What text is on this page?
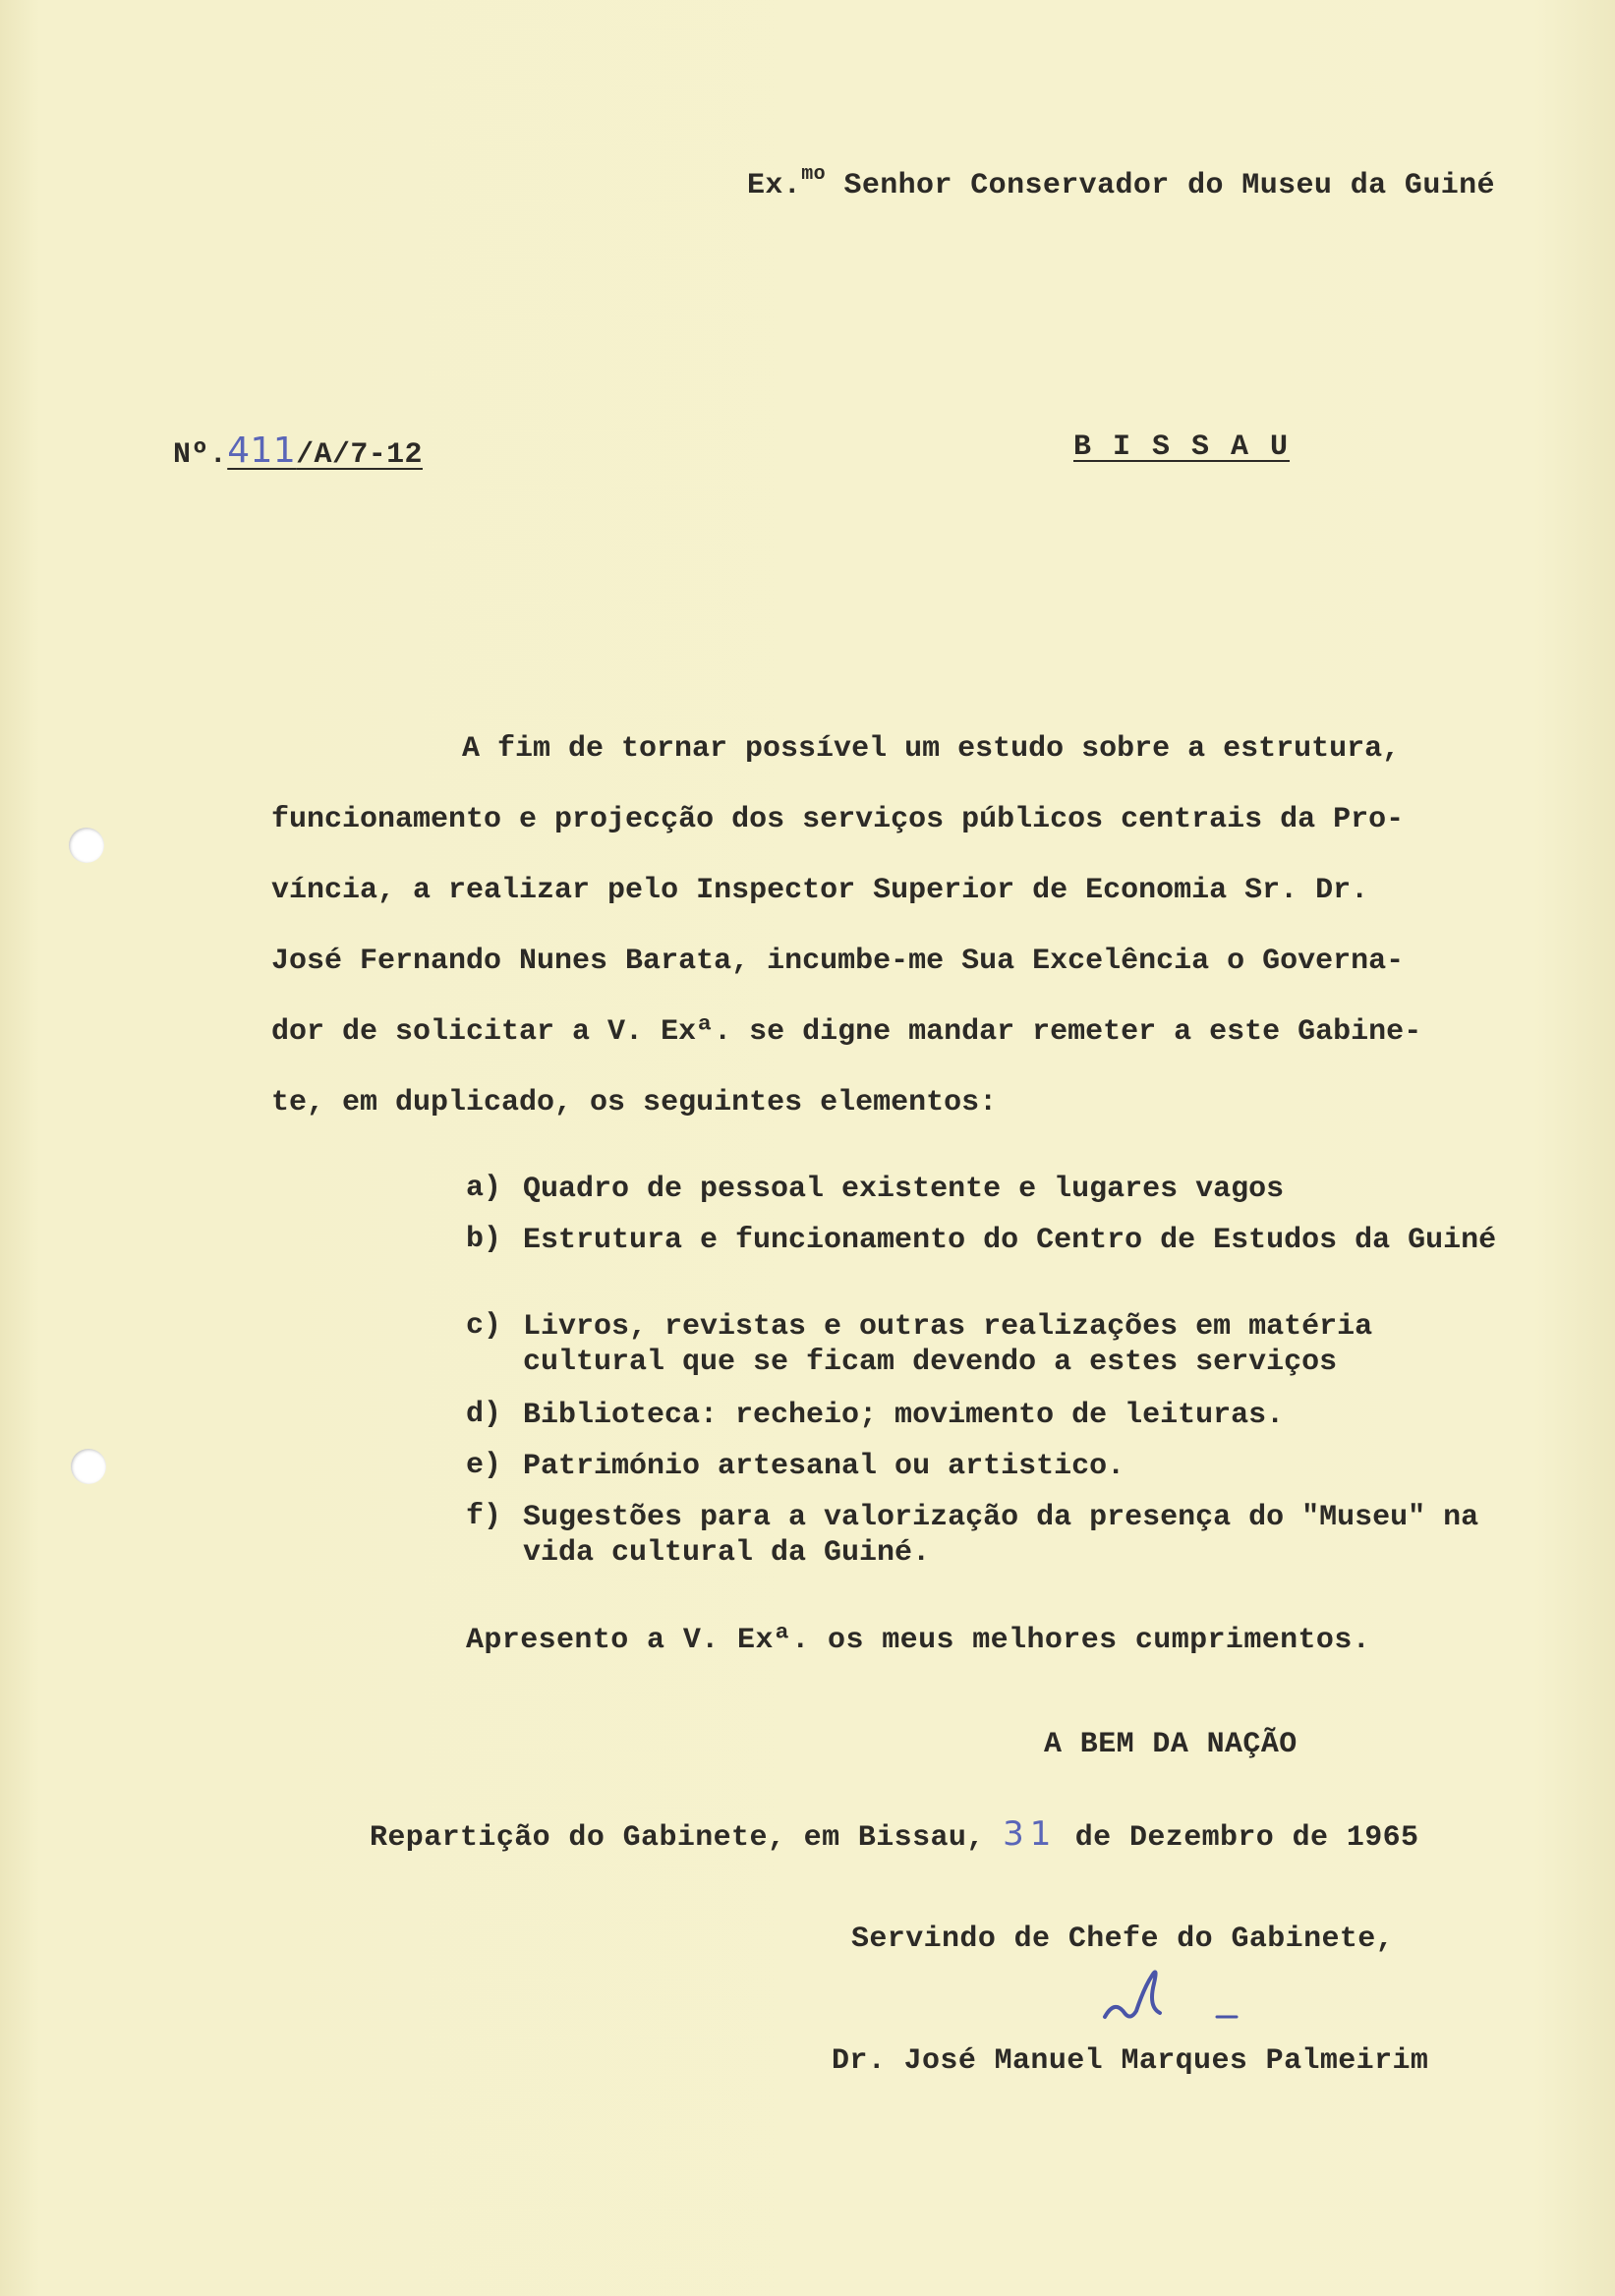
Ex.$^{mo}$ Senhor Conservador do Museu da Guiné
Nº.411/A/7-12	B I S S A U
A fim de tornar possível um estudo sobre a estrutura,
funcionamento e projecção dos serviços públicos centrais da Pro-
víncia, a realizar pelo Inspector Superior de Economia Sr. Dr.
José Fernando Nunes Barata, incumbe-me Sua Excelência o Governa-
dor de solicitar a V. Exª. se digne mandar remeter a este Gabine-
te, em duplicado, os seguintes elementos:
a) Quadro de pessoal existente e lugares vagos
b) Estrutura e funcionamento do Centro de Estudos da Guiné
c) Livros, revistas e outras realizações em matéria cultural que se ficam devendo a estes serviços
d) Biblioteca: recheio; movimento de leituras.
e) Património artesanal ou artistico.
f) Sugestões para a valorização da presença do "Museu" na vida cultural da Guiné.
Apresento a V. Exª. os meus melhores cumprimentos.
A BEM DA NAÇÃO
Repartição do Gabinete, em Bissau, 31 de Dezembro de 1965
Servindo de Chefe do Gabinete,
Dr. José Manuel Marques Palmeirim
